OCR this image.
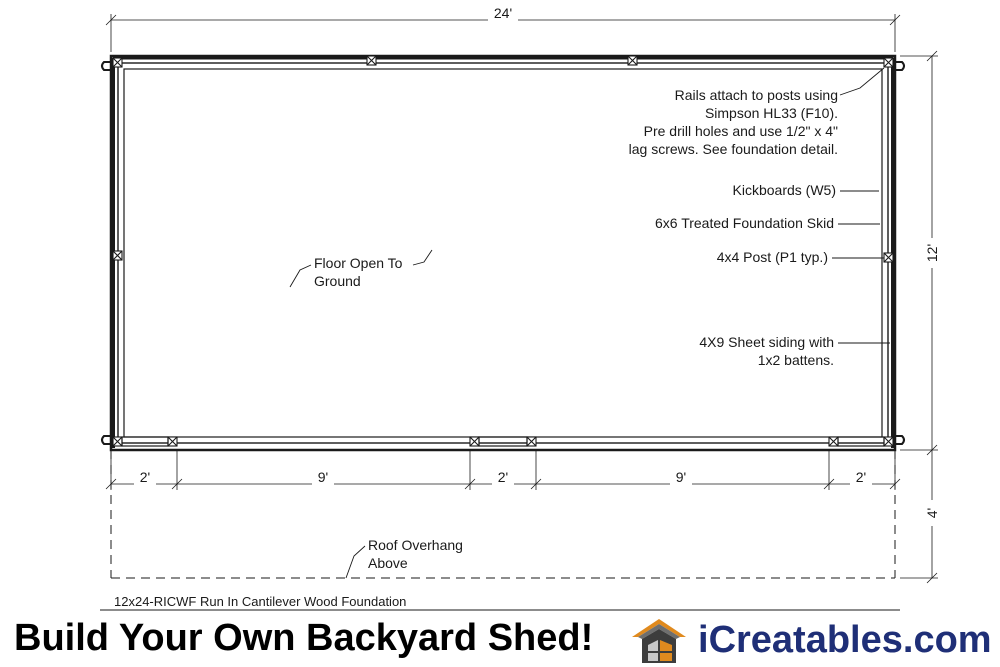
24'
12'
4'
2'	9'	2'	9'	2'
Floor Open To
Ground
Rails attach to posts using
Simpson HL33 (F10).
Pre drill holes and use 1/2" x 4"
lag screws. See foundation detail.
Kickboards (W5)
6x6 Treated Foundation Skid
4x4 Post (P1 typ.)
4X9 Sheet siding with
1x2 battens.
Roof Overhang
Above
12x24-RICWF Run In Cantilever Wood Foundation
Build Your Own Backyard Shed!	iCreatables.com
